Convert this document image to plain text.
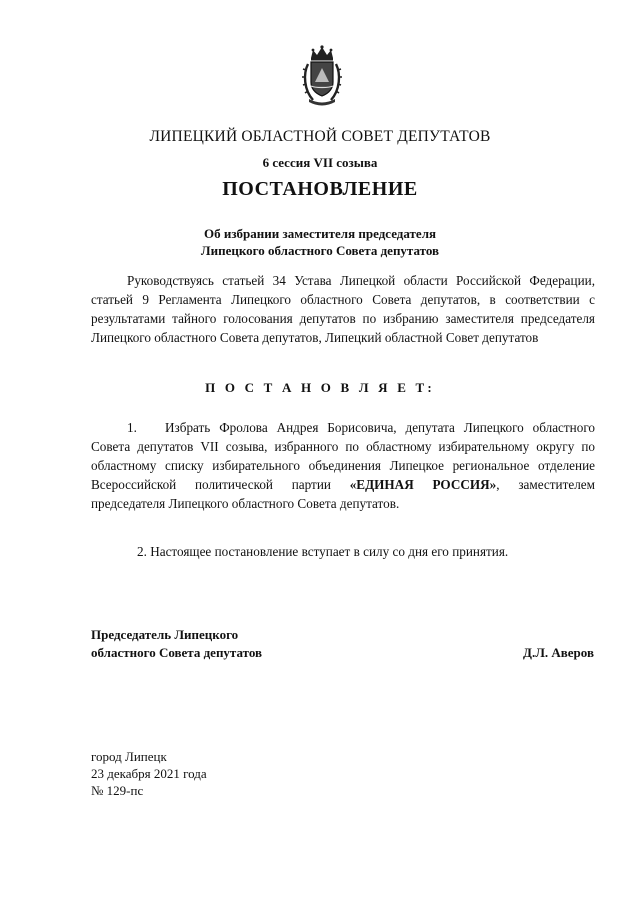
ЛИПЕЦКИЙ ОБЛАСТНОЙ СОВЕТ ДЕПУТАТОВ
6 сессия VII созыва
ПОСТАНОВЛЕНИЕ
Об избрании заместителя председателя
Липецкого областного Совета депутатов
Руководствуясь статьей 34 Устава Липецкой области Российской Федерации, статьей 9 Регламента Липецкого областного Совета депутатов, в соответствии с результатами тайного голосования депутатов по избранию заместителя председателя Липецкого областного Совета депутатов, Липецкий областной Совет депутатов
П О С Т А Н О В Л Я Е Т:
1. Избрать Фролова Андрея Борисовича, депутата Липецкого областного Совета депутатов VII созыва, избранного по областному избирательному округу по областному списку избирательного объединения Липецкое региональное отделение Всероссийской политической партии «ЕДИНАЯ РОССИЯ», заместителем председателя Липецкого областного Совета депутатов.
2. Настоящее постановление вступает в силу со дня его принятия.
Председатель Липецкого
областного Совета депутатов	Д.Л. Аверов
город Липецк
23 декабря 2021 года
№ 129-пс
